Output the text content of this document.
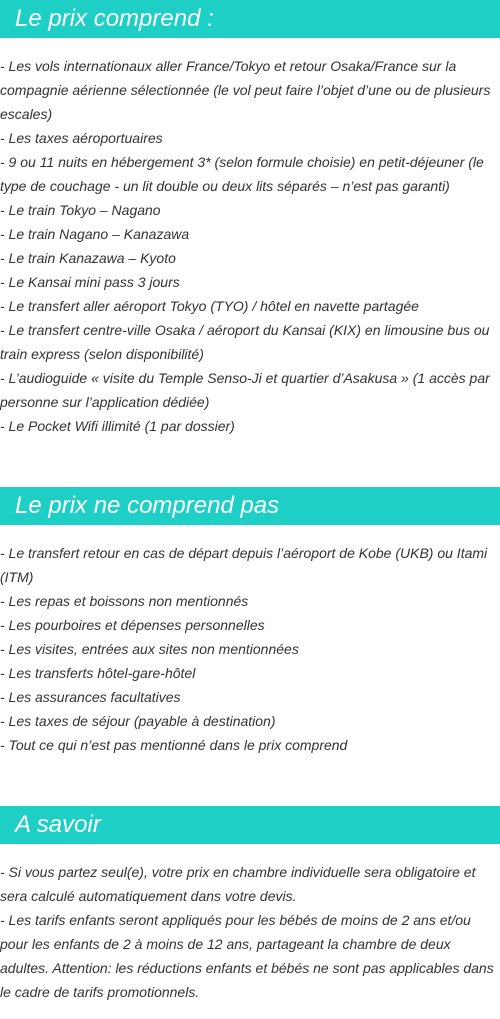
Le prix comprend :

- Les vols internationaux aller France/Tokyo et retour Osaka/France sur la compagnie aérienne sélectionnée (le vol peut faire l’objet d’une ou de plusieurs escales)

- Les taxes aéroportuaires

- 9 ou 11 nuits en hébergement 3* (selon formule choisie) en petit-déjeuner (le type de couchage - un lit double ou deux lits séparés – n’est pas garanti)

- Le train Tokyo – Nagano

- Le train Nagano – Kanazawa

- Le train Kanazawa – Kyoto

- Le Kansai mini pass 3 jours

- Le transfert aller aéroport Tokyo (TYO) / hôtel en navette partagée

- Le transfert centre-ville Osaka / aéroport du Kansai (KIX) en limousine bus ou train express (selon disponibilité)

- L’audioguide « visite du Temple Senso-Ji et quartier d’Asakusa » (1 accès par personne sur l’application dédiée)

- Le Pocket Wifi illimité (1 par dossier)

Le prix ne comprend pas

- Le transfert retour en cas de départ depuis l’aéroport de Kobe (UKB) ou Itami (ITM)

- Les repas et boissons non mentionnés

- Les pourboires et dépenses personnelles

- Les visites, entrées aux sites non mentionnées

- Les transferts hôtel-gare-hôtel

- Les assurances facultatives

- Les taxes de séjour (payable à destination)

- Tout ce qui n’est pas mentionné dans le prix comprend

A savoir

- Si vous partez seul(e), votre prix en chambre individuelle sera obligatoire et sera calculé automatiquement dans votre devis.

- Les tarifs enfants seront appliqués pour les bébés de moins de 2 ans et/ou pour les enfants de 2 à moins de 12 ans, partageant la chambre de deux adultes. Attention: les réductions enfants et bébés ne sont pas applicables dans le cadre de tarifs promotionnels.
